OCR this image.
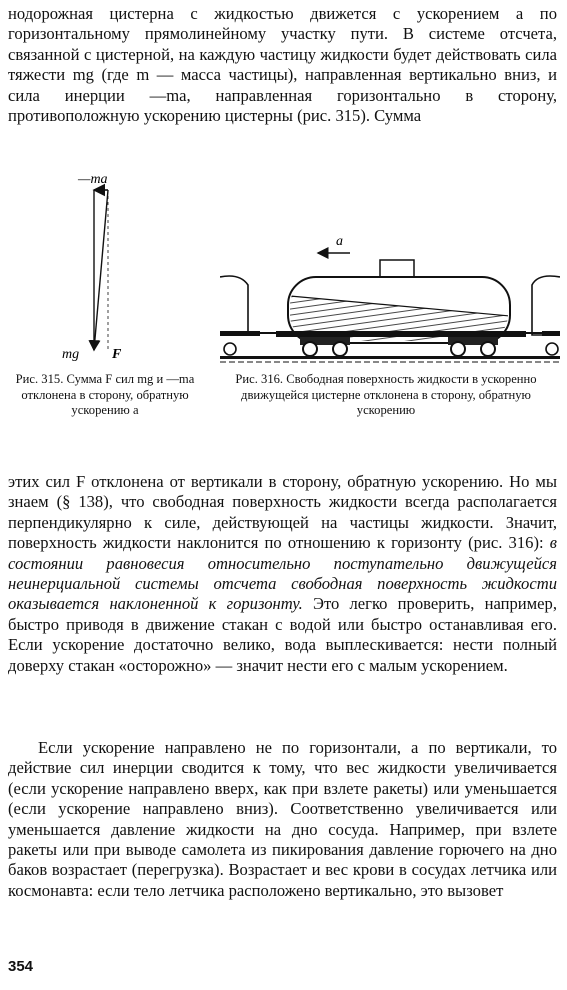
нодорожная цистерна с жидкостью движется с ускорением a по горизонтальному прямолинейному участку пути. В системе отсчета, связанной с цистерной, на каждую частицу жидкости будет действовать сила тяжести mg (где m — масса частицы), направленная вертикально вниз, и сила инерции —ma, направленная горизонтально в сторону, противоположную ускорению цистерны (рис. 315). Сумма

—ma
mg F
a

Рис. 315. Сумма F сил mg и —ma отклонена в сторону, обратную ускорению a

Рис. 316. Свободная поверхность жидкости в ускоренно движущейся цистерне отклонена в сторону, обратную ускорению

этих сил F отклонена от вертикали в сторону, обратную ускорению. Но мы знаем (§ 138), что свободная поверхность жидкости всегда располагается перпендикулярно к силе, действующей на частицы жидкости. Значит, поверхность жидкости наклонится по отношению к горизонту (рис. 316): в состоянии равновесия относительно поступательно движущейся неинерциальной системы отсчета свободная поверхность жидкости оказывается наклоненной к горизонту. Это легко проверить, например, быстро приводя в движение стакан с водой или быстро останавливая его. Если ускорение достаточно велико, вода выплескивается: нести полный доверху стакан «осторожно» — значит нести его с малым ускорением.

Если ускорение направлено не по горизонтали, а по вертикали, то действие сил инерции сводится к тому, что вес жидкости увеличивается (если ускорение направлено вверх, как при взлете ракеты) или уменьшается (если ускорение направлено вниз). Соответственно увеличивается или уменьшается давление жидкости на дно сосуда. Например, при взлете ракеты или при выводе самолета из пикирования давление горючего на дно баков возрастает (перегрузка). Возрастает и вес крови в сосудах летчика или космонавта: если тело летчика расположено вертикально, это вызовет

354
